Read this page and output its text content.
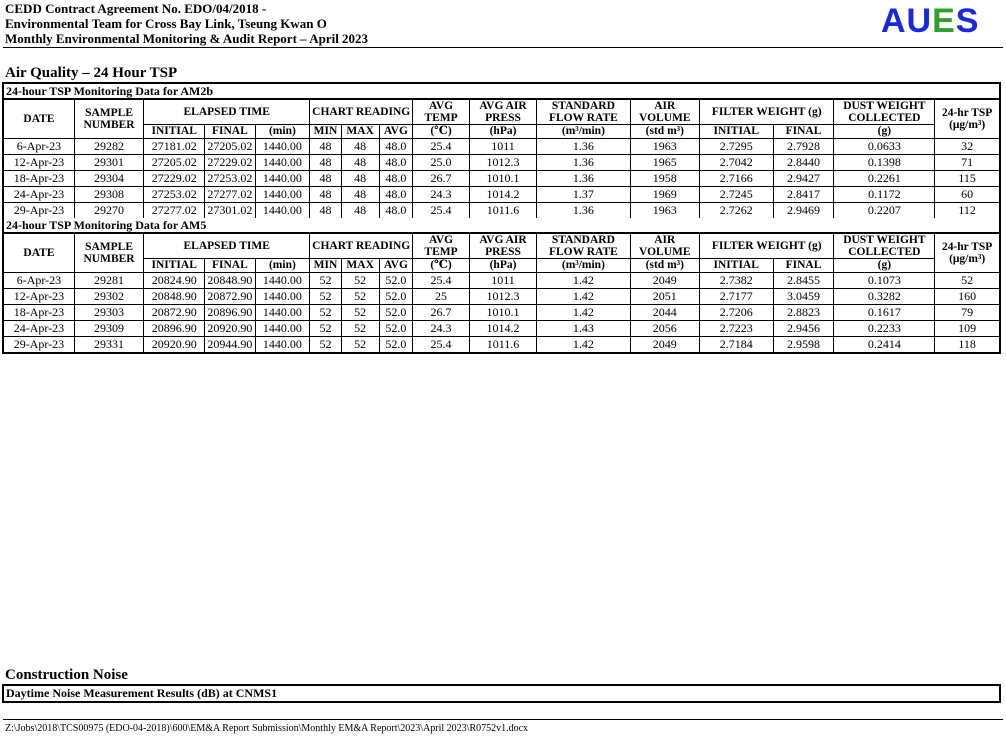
CEDD Contract Agreement No. EDO/04/2018 -
Environmental Team for Cross Bay Link, Tseung Kwan O
Monthly Environmental Monitoring & Audit Report – April 2023	AUES
Air Quality – 24 Hour TSP
24-hour TSP Monitoring Data for AM2b
DATE	SAMPLE NUMBER	ELAPSED TIME			CHART READING			AVG TEMP	AVG AIR PRESS	STANDARD FLOW RATE	AIR VOLUME	FILTER WEIGHT (g)		DUST WEIGHT COLLECTED	24-hr TSP (μg/m³)
		INITIAL	FINAL	(min)	MIN	MAX	AVG	(℃)	(hPa)	(m³/min)	(std m³)	INITIAL	FINAL	(g)	
6-Apr-23	29282	27181.02	27205.02	1440.00	48	48	48.0	25.4	1011	1.36	1963	2.7295	2.7928	0.0633	32
12-Apr-23	29301	27205.02	27229.02	1440.00	48	48	48.0	25.0	1012.3	1.36	1965	2.7042	2.8440	0.1398	71
18-Apr-23	29304	27229.02	27253.02	1440.00	48	48	48.0	26.7	1010.1	1.36	1958	2.7166	2.9427	0.2261	115
24-Apr-23	29308	27253.02	27277.02	1440.00	48	48	48.0	24.3	1014.2	1.37	1969	2.7245	2.8417	0.1172	60
29-Apr-23	29270	27277.02	27301.02	1440.00	48	48	48.0	25.4	1011.6	1.36	1963	2.7262	2.9469	0.2207	112
24-hour TSP Monitoring Data for AM5
DATE	SAMPLE NUMBER	ELAPSED TIME			CHART READING			AVG TEMP	AVG AIR PRESS	STANDARD FLOW RATE	AIR VOLUME	FILTER WEIGHT (g)		DUST WEIGHT COLLECTED	24-hr TSP (μg/m³)
		INITIAL	FINAL	(min)	MIN	MAX	AVG	(℃)	(hPa)	(m³/min)	(std m³)	INITIAL	FINAL	(g)	
6-Apr-23	29281	20824.90	20848.90	1440.00	52	52	52.0	25.4	1011	1.42	2049	2.7382	2.8455	0.1073	52
12-Apr-23	29302	20848.90	20872.90	1440.00	52	52	52.0	25	1012.3	1.42	2051	2.7177	3.0459	0.3282	160
18-Apr-23	29303	20872.90	20896.90	1440.00	52	52	52.0	26.7	1010.1	1.42	2044	2.7206	2.8823	0.1617	79
24-Apr-23	29309	20896.90	20920.90	1440.00	52	52	52.0	24.3	1014.2	1.43	2056	2.7223	2.9456	0.2233	109
29-Apr-23	29331	20920.90	20944.90	1440.00	52	52	52.0	25.4	1011.6	1.42	2049	2.7184	2.9598	0.2414	118
Construction Noise
Daytime Noise Measurement Results (dB) at CNMS1
Z:\Jobs\2018\TCS00975 (EDO-04-2018)\600\EM&A Report Submission\Monthly EM&A Report\2023\April 2023\R0752v1.docx
